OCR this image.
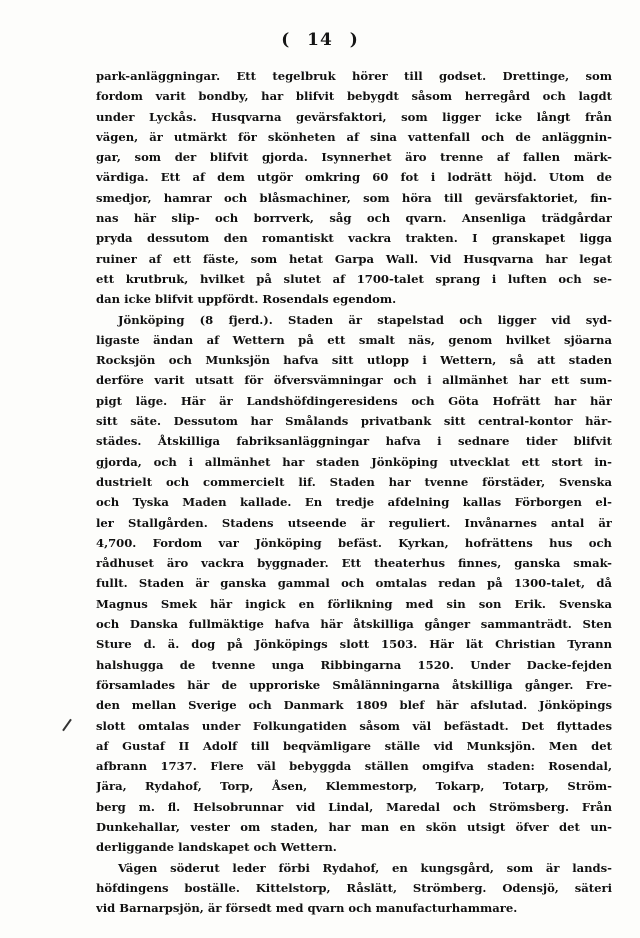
( 14 )
park-anläggningar. Ett tegelbruk hörer till godset. Drettinge, som
fordom varit bondby, har blifvit bebygdt såsom herregård och lagdt
under Lyckås. Husqvarna gevärsfaktori, som ligger icke långt från
vägen, är utmärkt för skönheten af sina vattenfall och de anläggnin-
gar, som der blifvit gjorda. Isynnerhet äro trenne af fallen märk-
värdiga. Ett af dem utgör omkring 60 fot i lodrätt höjd. Utom de
smedjor, hamrar och blåsmachiner, som höra till gevärsfaktoriet, fin-
nas här slip- och borrverk, såg och qvarn. Ansenliga trädgårdar
pryda dessutom den romantiskt vackra trakten. I granskapet ligga
ruiner af ett fäste, som hetat Garpa Wall. Vid Husqvarna har legat
ett krutbruk, hvilket på slutet af 1700-talet sprang i luften och se-
dan icke blifvit uppfördt. Rosendals egendom.
Jönköping (8 fjerd.). Staden är stapelstad och ligger vid syd-
ligaste ändan af Wettern på ett smalt näs, genom hvilket sjöarna
Rocksjön och Munksjön hafva sitt utlopp i Wettern, så att staden
derföre varit utsatt för öfversvämningar och i allmänhet har ett sum-
pigt läge. Här är Landshöfdingeresidens och Göta Hofrätt har här
sitt säte. Dessutom har Smålands privatbank sitt central-kontor här-
städes. Åtskilliga fabriksanläggningar hafva i sednare tider blifvit
gjorda, och i allmänhet har staden Jönköping utvecklat ett stort in-
dustrielt och commercielt lif. Staden har tvenne förstäder, Svenska
och Tyska Maden kallade. En tredje afdelning kallas Förborgen el-
ler Stallgården. Stadens utseende är reguliert. Invånarnes antal är
4,700. Fordom var Jönköping befäst. Kyrkan, hofrättens hus och
rådhuset äro vackra byggnader. Ett theaterhus finnes, ganska smak-
fullt. Staden är ganska gammal och omtalas redan på 1300-talet, då
Magnus Smek här ingick en förlikning med sin son Erik. Svenska
och Danska fullmäktige hafva här åtskilliga gånger sammanträdt. Sten
Sture d. ä. dog på Jönköpings slott 1503. Här lät Christian Tyrann
halshugga de tvenne unga Ribbingarna 1520. Under Dacke-fejden
församlades här de upproriske Smålänningarna åtskilliga gånger. Fre-
den mellan Sverige och Danmark 1809 blef här afslutad. Jönköpings
slott omtalas under Folkungatiden såsom väl befästadt. Det flyttades
af Gustaf II Adolf till beqvämligare ställe vid Munksjön. Men det
afbrann 1737. Flere väl bebyggda ställen omgifva staden: Rosendal,
Jära, Rydahof, Torp, Åsen, Klemmestorp, Tokarp, Totarp, Ström-
berg m. fl. Helsobrunnar vid Lindal, Maredal och Strömsberg. Från
Dunkehallar, vester om staden, har man en skön utsigt öfver det un-
derliggande landskapet och Wettern.
Vägen söderut leder förbi Rydahof, en kungsgård, som är lands-
höfdingens boställe. Kittelstorp, Råslätt, Strömberg. Odensjö, säteri
vid Barnarpsjön, är försedt med qvarn och manufacturhammare.
